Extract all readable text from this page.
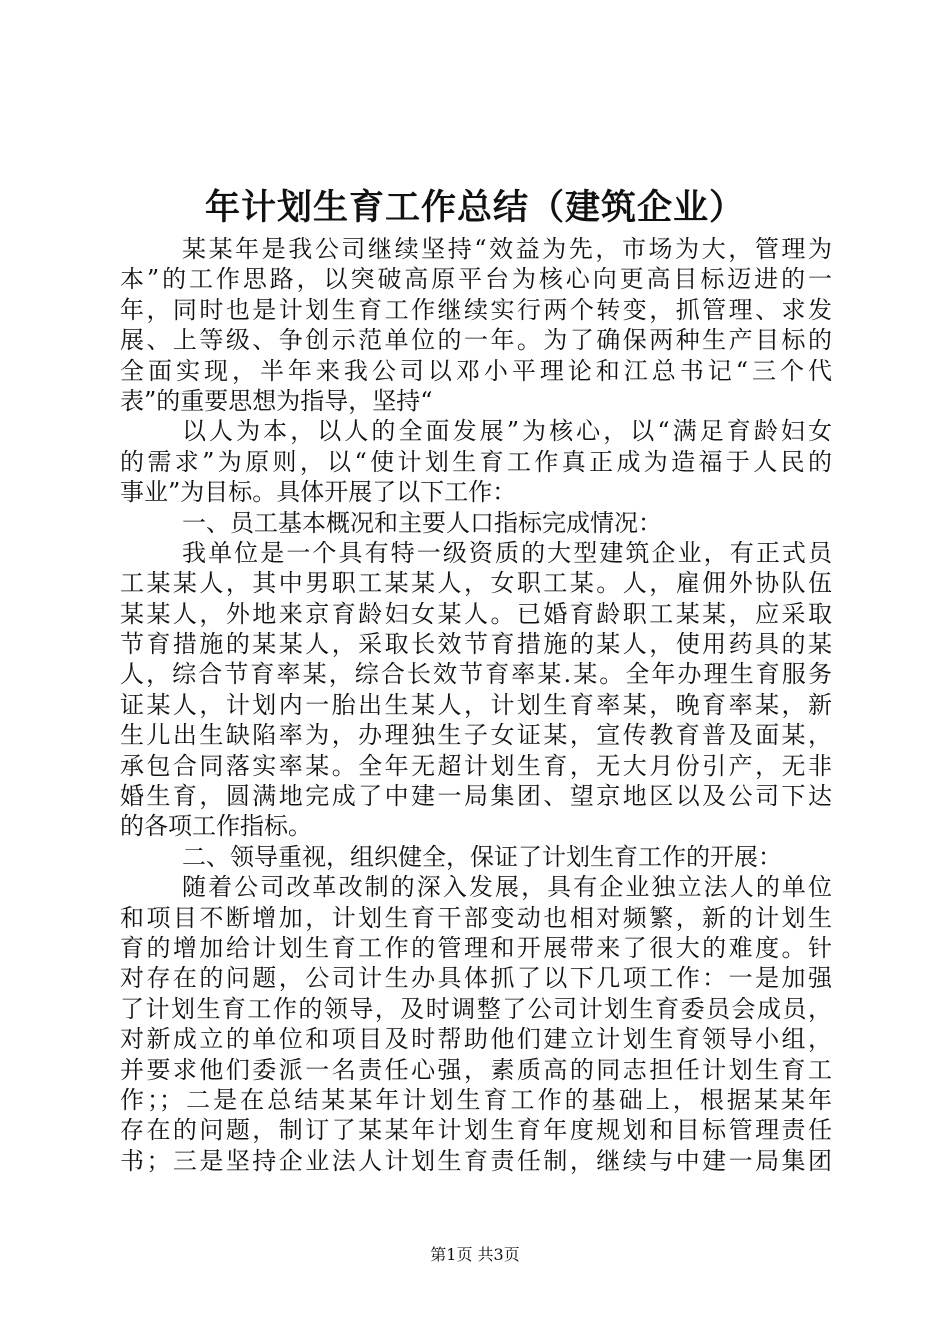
年计划生育工作总结（建筑企业）
某某年是我公司继续坚持“效益为先，市场为大，管理为
本”的工作思路，以突破高原平台为核心向更高目标迈进的一
年，同时也是计划生育工作继续实行两个转变，抓管理、求发
展、上等级、争创示范单位的一年。为了确保两种生产目标的
全面实现，半年来我公司以邓小平理论和江总书记“三个代
表”的重要思想为指导，坚持“
以人为本，以人的全面发展”为核心，以“满足育龄妇女
的需求”为原则，以“使计划生育工作真正成为造福于人民的
事业”为目标。具体开展了以下工作：
一、员工基本概况和主要人口指标完成情况：
我单位是一个具有特一级资质的大型建筑企业，有正式员
工某某人，其中男职工某某人，女职工某。人，雇佣外协队伍
某某人，外地来京育龄妇女某人。已婚育龄职工某某，应采取
节育措施的某某人，采取长效节育措施的某人，使用药具的某
人，综合节育率某，综合长效节育率某.某。全年办理生育服务
证某人，计划内一胎出生某人，计划生育率某，晚育率某，新
生儿出生缺陷率为，办理独生子女证某，宣传教育普及面某，
承包合同落实率某。全年无超计划生育，无大月份引产，无非
婚生育，圆满地完成了中建一局集团、望京地区以及公司下达
的各项工作指标。
二、领导重视，组织健全，保证了计划生育工作的开展：
随着公司改革改制的深入发展，具有企业独立法人的单位
和项目不断增加，计划生育干部变动也相对频繁，新的计划生
育的增加给计划生育工作的管理和开展带来了很大的难度。针
对存在的问题，公司计生办具体抓了以下几项工作：一是加强
了计划生育工作的领导，及时调整了公司计划生育委员会成员，
对新成立的单位和项目及时帮助他们建立计划生育领导小组，
并要求他们委派一名责任心强，素质高的同志担任计划生育工
作；；二是在总结某某年计划生育工作的基础上，根据某某年
存在的问题，制订了某某年计划生育年度规划和目标管理责任
书；三是坚持企业法人计划生育责任制，继续与中建一局集团
第1页 共3页
